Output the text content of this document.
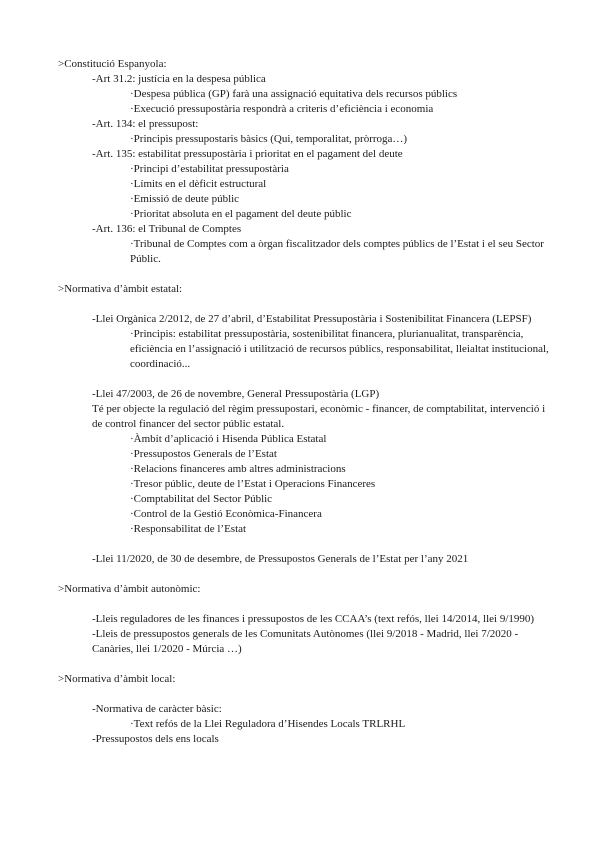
>Constitució Espanyola:
-Art 31.2: justícia en la despesa pública
·Despesa pública (GP) farà una assignació equitativa dels recursos públics
·Execució pressupostària respondrà a criteris d’eficiència i economia
-Art. 134: el pressupost:
·Principis pressupostaris bàsics (Qui, temporalitat, pròrroga…)
-Art. 135: estabilitat pressupostària i prioritat en el pagament del deute
·Principi d’estabilitat pressupostària
·Límits en el dèficit estructural
·Emissió de deute públic
·Prioritat absoluta en el pagament del deute públic
-Art. 136: el Tribunal de Comptes
·Tribunal de Comptes com a òrgan fiscalitzador dels comptes públics de l’Estat i el seu Sector Públic.
>Normativa d’àmbit estatal:
-Llei Orgànica 2/2012, de 27 d’abril, d’Estabilitat Pressupostària i Sostenibilitat Financera (LEPSF)
·Principis: estabilitat pressupostària, sostenibilitat financera, plurianualitat, transparència, eficiència en l’assignació i utilització de recursos públics, responsabilitat, lleialtat institucional, coordinació...
-Llei 47/2003, de 26 de novembre, General Pressupostària (LGP)
Té per objecte la regulació del règim pressupostari, econòmic - financer, de comptabilitat, intervenció i de control financer del sector públic estatal.
·Àmbit d’aplicació i Hisenda Pública Estatal
·Pressupostos Generals de l’Estat
·Relacions financeres amb altres administracions
·Tresor públic, deute de l’Estat i Operacions Financeres
·Comptabilitat del Sector Públic
·Control de la Gestió Econòmica-Financera
·Responsabilitat de l’Estat
-Llei 11/2020, de 30 de desembre, de Pressupostos Generals de l’Estat per l’any 2021
>Normativa d’àmbit autonòmic:
-Lleis reguladores de les finances i pressupostos de les CCAA’s (text refós, llei 14/2014, llei 9/1990)
-Lleis de pressupostos generals de les Comunitats Autònomes (llei 9/2018 - Madrid, llei 7/2020 - Canàries, llei 1/2020 - Múrcia …)
>Normativa d’àmbit local:
-Normativa de caràcter bàsic:
·Text refós de la Llei Reguladora d’Hisendes Locals TRLRHL
-Pressupostos dels ens locals
